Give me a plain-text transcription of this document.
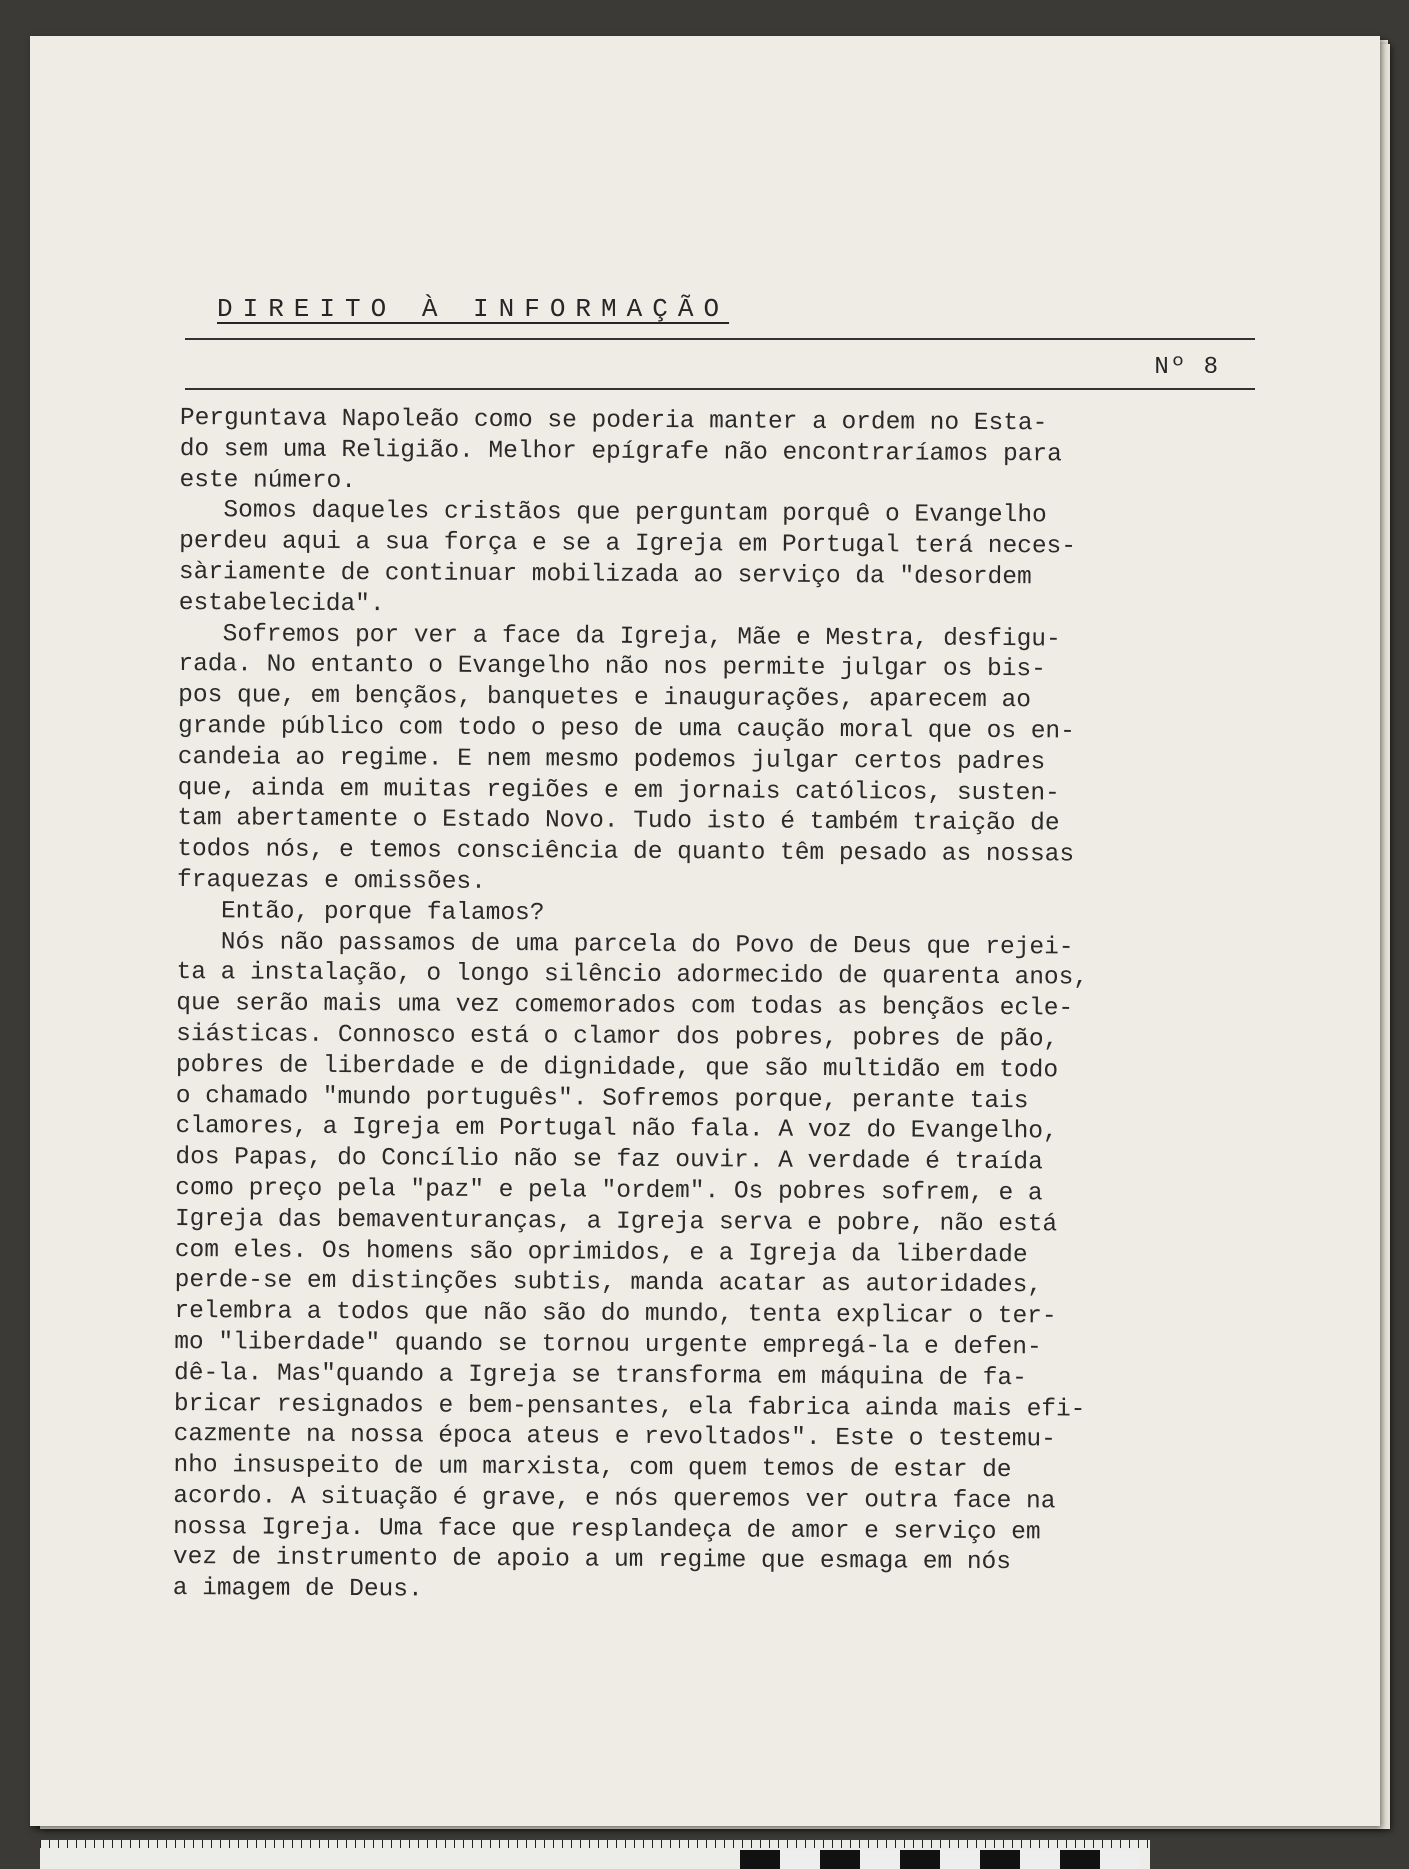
DIREITO À INFORMAÇÃO
Nº 8
Perguntava Napoleão como se poderia manter a ordem no Esta-
do sem uma Religião. Melhor epígrafe não encontraríamos para
este número.
Somos daqueles cristãos que perguntam porquê o Evangelho
perdeu aqui a sua força e se a Igreja em Portugal terá neces-
sàriamente de continuar mobilizada ao serviço da "desordem
estabelecida".
Sofremos por ver a face da Igreja, Mãe e Mestra, desfigu-
rada. No entanto o Evangelho não nos permite julgar os bis-
pos que, em bençãos, banquetes e inaugurações, aparecem ao
grande público com todo o peso de uma caução moral que os en-
candeia ao regime. E nem mesmo podemos julgar certos padres
que, ainda em muitas regiões e em jornais católicos, susten-
tam abertamente o Estado Novo. Tudo isto é também traição de
todos nós, e temos consciência de quanto têm pesado as nossas
fraquezas e omissões.
Então, porque falamos?
Nós não passamos de uma parcela do Povo de Deus que rejei-
ta a instalação, o longo silêncio adormecido de quarenta anos,
que serão mais uma vez comemorados com todas as bençãos ecle-
siásticas. Connosco está o clamor dos pobres, pobres de pão,
pobres de liberdade e de dignidade, que são multidão em todo
o chamado "mundo português". Sofremos porque, perante tais
clamores, a Igreja em Portugal não fala. A voz do Evangelho,
dos Papas, do Concílio não se faz ouvir. A verdade é traída
como preço pela "paz" e pela "ordem". Os pobres sofrem, e a
Igreja das bemaventuranças, a Igreja serva e pobre, não está
com eles. Os homens são oprimidos, e a Igreja da liberdade
perde-se em distinções subtis, manda acatar as autoridades,
relembra a todos que não são do mundo, tenta explicar o ter-
mo "liberdade" quando se tornou urgente empregá-la e defen-
dê-la. Mas"quando a Igreja se transforma em máquina de fa-
bricar resignados e bem-pensantes, ela fabrica ainda mais efi-
cazmente na nossa época ateus e revoltados". Este o testemu-
nho insuspeito de um marxista, com quem temos de estar de
acordo. A situação é grave, e nós queremos ver outra face na
nossa Igreja. Uma face que resplandeça de amor e serviço em
vez de instrumento de apoio a um regime que esmaga em nós
a imagem de Deus.
